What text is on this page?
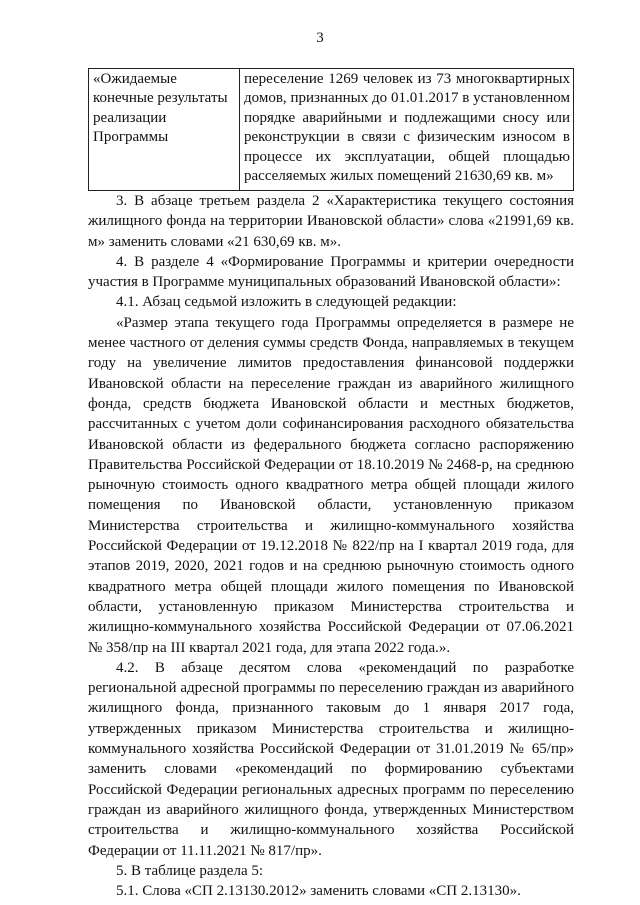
3
«Ожидаемые конечные результаты реализации Программы	переселение 1269 человек из 73 многоквартирных домов, признанных до 01.01.2017 в установленном порядке аварийными и подлежащими сносу или реконструкции в связи с физическим износом в процессе их эксплуатации, общей площадью расселяемых жилых помещений 21630,69 кв. м»

3. В абзаце третьем раздела 2 «Характеристика текущего состояния жилищного фонда на территории Ивановской области» слова «21991,69 кв. м» заменить словами «21 630,69 кв. м».

4. В разделе 4 «Формирование Программы и критерии очередности участия в Программе муниципальных образований Ивановской области»:

4.1. Абзац седьмой изложить в следующей редакции:

«Размер этапа текущего года Программы определяется в размере не менее частного от деления суммы средств Фонда, направляемых в текущем году на увеличение лимитов предоставления финансовой поддержки Ивановской области на переселение граждан из аварийного жилищного фонда, средств бюджета Ивановской области и местных бюджетов, рассчитанных с учетом доли софинансирования расходного обязательства Ивановской области из федерального бюджета согласно распоряжению Правительства Российской Федерации от 18.10.2019 № 2468-р, на среднюю рыночную стоимость одного квадратного метра общей площади жилого помещения по Ивановской области, установленную приказом Министерства строительства и жилищно-коммунального хозяйства Российской Федерации от 19.12.2018 № 822/пр на I квартал 2019 года, для этапов 2019, 2020, 2021 годов и на среднюю рыночную стоимость одного квадратного метра общей площади жилого помещения по Ивановской области, установленную приказом Министерства строительства и жилищно-коммунального хозяйства Российской Федерации от 07.06.2021 № 358/пр на III квартал 2021 года, для этапа 2022 года.».

4.2. В абзаце десятом слова «рекомендаций по разработке региональной адресной программы по переселению граждан из аварийного жилищного фонда, признанного таковым до 1 января 2017 года, утвержденных приказом Министерства строительства и жилищно-коммунального хозяйства Российской Федерации от 31.01.2019 № 65/пр» заменить словами «рекомендаций по формированию субъектами Российской Федерации региональных адресных программ по переселению граждан из аварийного жилищного фонда, утвержденных Министерством строительства и жилищно-коммунального хозяйства Российской Федерации от 11.11.2021 № 817/пр».

5. В таблице раздела 5:

5.1. Слова «СП 2.13130.2012» заменить словами «СП 2.13130».
